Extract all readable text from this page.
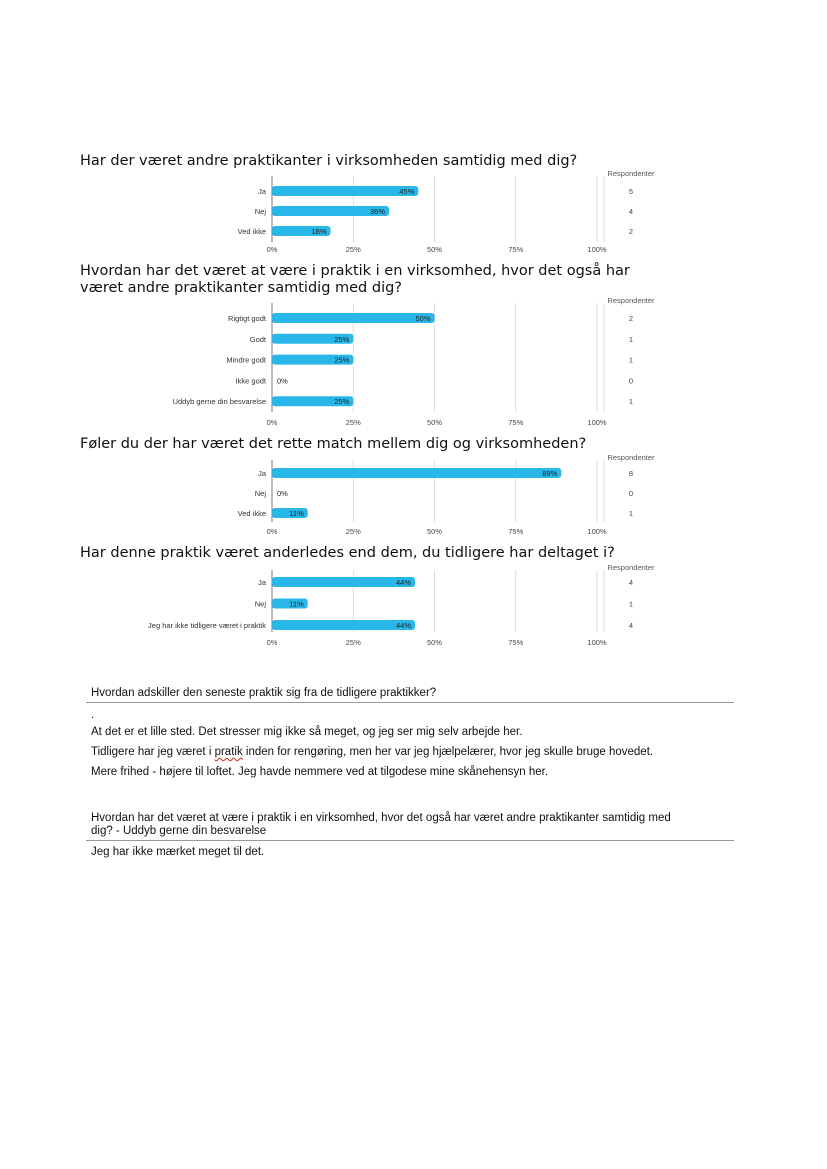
Har der været andre praktikanter i virksomheden samtidig med dig?
0%	25%	50%	75%	100%
Respondenter
Ja	45%	5
Nej	36%	4
Ved ikke	18%	2
Hvordan har det været at være i praktik i en virksomhed, hvor det også har
været andre praktikanter samtidig med dig?
Føler du der har været det rette match mellem dig og virksomheden?
Har denne praktik været anderledes end dem, du tidligere har deltaget i?
0%	25%	50%	75%	100%
Respondenter
Rigtigt godt	50%	2
Godt	25%	1
Mindre godt	25%	1
Ikke godt 0%	0
Uddyb gerne din besvarelse	25%	1
0%	25%	50%	75%	100%
Respondenter
Ja	89%	8
Nej 0%	0
Ved ikke	11%	1
0%	25%	50%	75%	100%
Respondenter
Ja	44%	4
Nej	11%	1
Jeg har ikke tidligere været i praktik	44%	4
Hvordan adskiller den seneste praktik sig fra de tidligere praktikker?
.
At det er et lille sted. Det stresser mig ikke så meget, og jeg ser mig selv arbejde her.
Tidligere har jeg været i pratik inden for rengøring, men her var jeg hjælpelærer, hvor jeg skulle bruge hovedet.
Mere frihed - højere til loftet. Jeg havde nemmere ved at tilgodese mine skånehensyn her.
Hvordan har det været at være i praktik i en virksomhed, hvor det også har været andre praktikanter samtidig med
dig? - Uddyb gerne din besvarelse
Jeg har ikke mærket meget til det.
